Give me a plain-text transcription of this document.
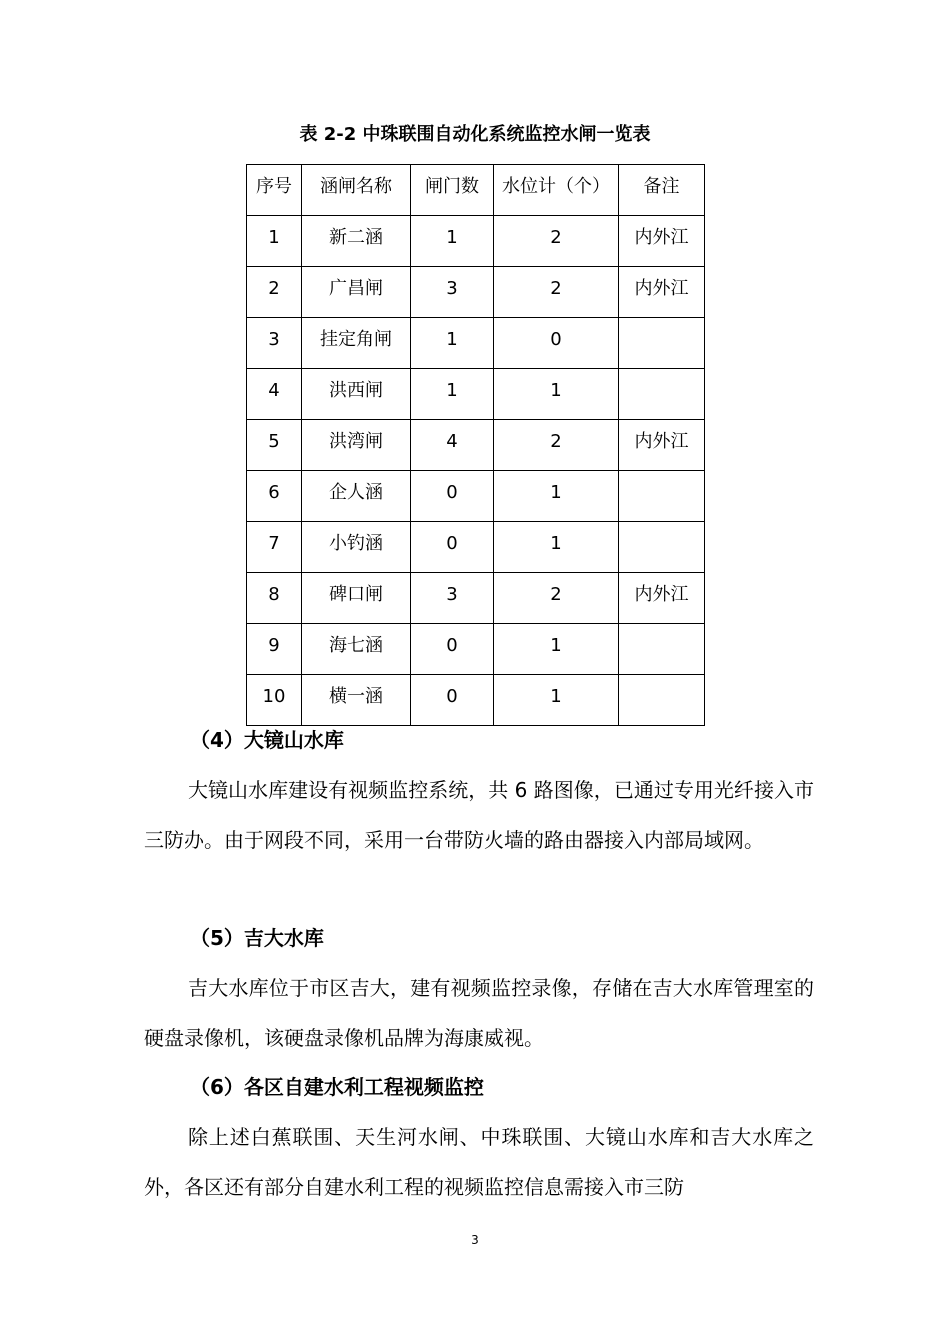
表 2-2 中珠联围自动化系统监控水闸一览表
序号	涵闸名称	闸门数	水位计（个）	备注
1	新二涵	1	2	内外江
2	广昌闸	3	2	内外江
3	挂定角闸	1	0	
4	洪西闸	1	1	
5	洪湾闸	4	2	内外江
6	企人涵	0	1	
7	小钓涵	0	1	
8	碑口闸	3	2	内外江
9	海七涵	0	1	
10	横一涵	0	1	
（4）大镜山水库
大镜山水库建设有视频监控系统，共 6 路图像，已通过专用光纤接入市三防办。由于网段不同，采用一台带防火墙的路由器接入内部局域网。
（5）吉大水库
吉大水库位于市区吉大，建有视频监控录像，存储在吉大水库管理室的硬盘录像机，该硬盘录像机品牌为海康威视。
（6）各区自建水利工程视频监控
除上述白蕉联围、天生河水闸、中珠联围、大镜山水库和吉大水库之外，各区还有部分自建水利工程的视频监控信息需接入市三防
3
